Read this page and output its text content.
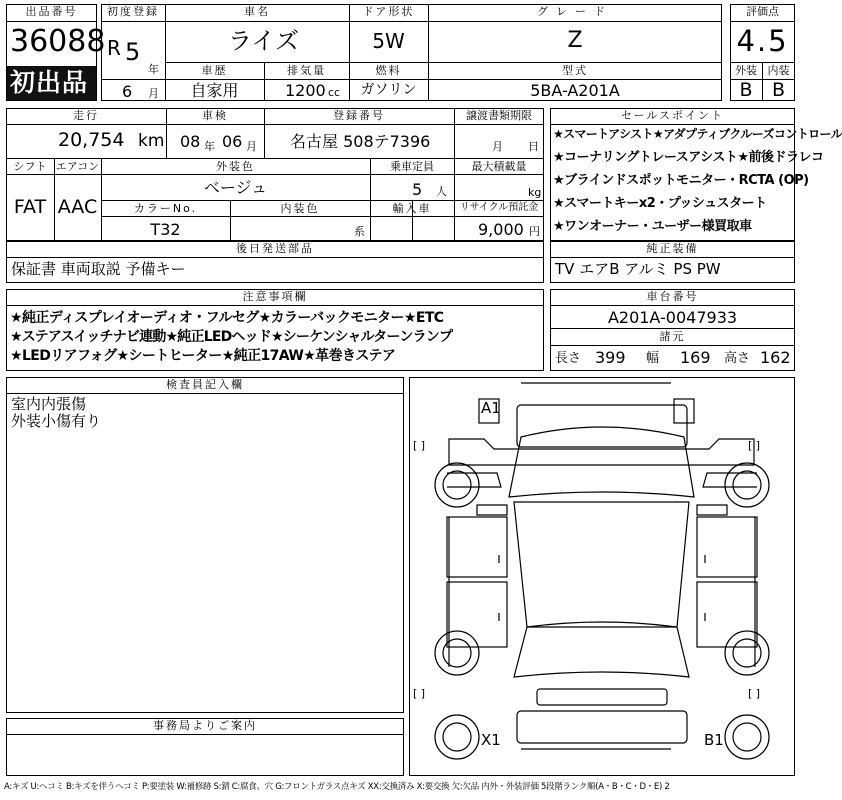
出品番号
36088
初出品
初度登録
R 5
年
6 月
車名
ライズ
ドア形状
5W
グレード
Z
車歴
自家用
排気量
1200 cc
燃料
ガソリン
型式
5BA-A201A
評価点
4.5
外装 内装
B	B
走行
20,754 km
車検
08 年 06 月
登録番号
名古屋 508テ7396
譲渡書類期限
月 日
シフト
FAT
エアコン
AAC
外装色
ベージュ
乗車定員
5 人
最大積載量
kg
カラーNo.
T32
内装色
系
輸入車	リサイクル預託金
9,000 円
セールスポイント
★スマートアシスト★アダプティブクルーズコントロール
★コーナリングトレースアシスト★前後ドラレコ
★ブラインドスポットモニター・RCTA (OP)
★スマートキーx2・プッシュスタート
★ワンオーナー・ユーザー様買取車
後日発送部品
保証書 車両取説 予備キー
純正装備
TV エアB アルミ PS PW
注意事項欄
★純正ディスプレイオーディオ・フルセグ★カラーバックモニター★ETC
★ステアスイッチナビ連動★純正LEDヘッド★シーケンシャルターンランプ
★LEDリアフォグ★シートヒーター★純正17AW★革巻きステア
車台番号
A201A-0047933
諸元
長さ 399 幅 169 高さ 162
検査員記入欄
室内内張傷
外装小傷有り
事務局よりご案内
A1
X1	B1
[ ]	[ ]
[ ]	[ ]
A:キズ U:ヘコミ B:キズを伴うヘコミ P:要塗装 W:補修跡 S:錆 C:腐食、穴 G:フロントガラス点キズ XX:交換済み X:要交換 欠:欠品 内外・外装評価 5段階ランク順(A・B・C・D・E) 2
